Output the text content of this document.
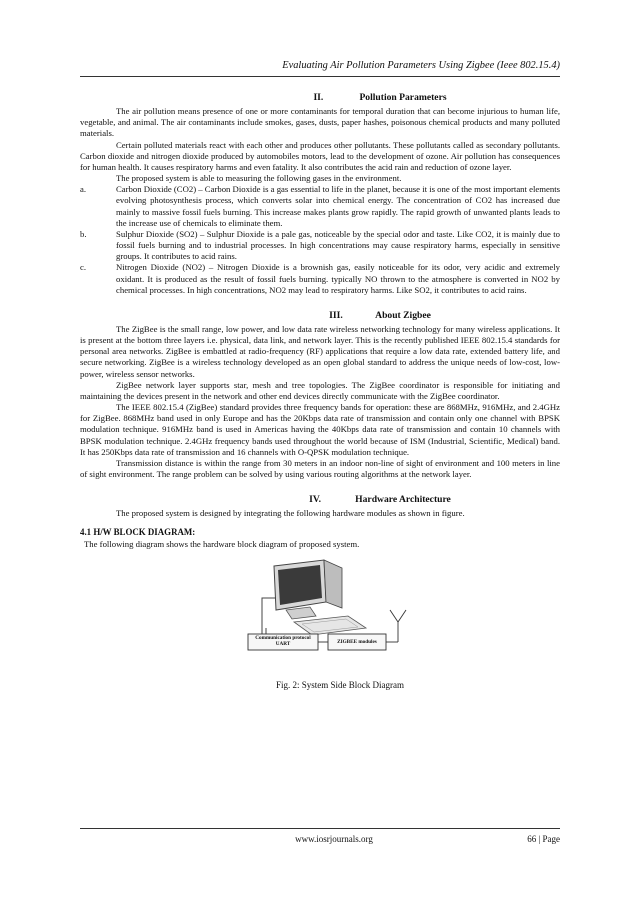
Evaluating Air Pollution Parameters Using Zigbee (Ieee 802.15.4)
II.	Pollution Parameters

The air pollution means presence of one or more contaminants for temporal duration that can become injurious to human life, vegetable, and animal. The air contaminants include smokes, gases, dusts, paper hashes, poisonous chemical products and many polluted materials.

Certain polluted materials react with each other and produces other pollutants. These pollutants called as secondary pollutants. Carbon dioxide and nitrogen dioxide produced by automobiles motors, lead to the development of ozone. Air pollution has consequences for human health. It causes respiratory harms and even fatality. It also contributes the acid rain and reduction of ozone layer.

The proposed system is able to measuring the following gases in the environment.

a.	Carbon Dioxide (CO2) – Carbon Dioxide is a gas essential to life in the planet, because it is one of the most important elements evolving photosynthesis process, which converts solar into chemical energy. The concentration of CO2 has increased due mainly to massive fossil fuels burning. This increase makes plants grow rapidly. The rapid growth of unwanted plants leads to the increase use of chemicals to eliminate them.
b.	Sulphur Dioxide (SO2) – Sulphur Dioxide is a pale gas, noticeable by the special odor and taste. Like CO2, it is mainly due to fossil fuels burning and to industrial processes. In high concentrations may cause respiratory harms, especially in sensitive groups. It contributes to acid rains.
c.	Nitrogen Dioxide (NO2) – Nitrogen Dioxide is a brownish gas, easily noticeable for its odor, very acidic and extremely oxidant. It is produced as the result of fossil fuels burning. typically NO thrown to the atmosphere is converted in NO2 by chemical processes. In high concentrations, NO2 may lead to respiratory harms. Like SO2, it contributes to acid rains.
III.	About Zigbee

The ZigBee is the small range, low power, and low data rate wireless networking technology for many wireless applications. It is present at the bottom three layers i.e. physical, data link, and network layer. This is the recently published IEEE 802.15.4 standards for personal area networks. ZigBee is embattled at radio-frequency (RF) applications that require a low data rate, extended battery life, and secure networking. ZigBee is a wireless technology developed as an open global standard to address the unique needs of low-cost, low-power, wireless sensor networks.

ZigBee network layer supports star, mesh and tree topologies. The ZigBee coordinator is responsible for initiating and maintaining the devices present in the network and other end devices directly communicate with the ZigBee coordinator.

The IEEE 802.15.4 (ZigBee) standard provides three frequency bands for operation: these are 868MHz, 916MHz, and 2.4GHz for ZigBee. 868MHz band used in only Europe and has the 20Kbps data rate of transmission and contain only one channel with BPSK modulation technique. 916MHz band is used in Americas having the 40Kbps data rate of transmission and contain 10 channels with BPSK modulation technique. 2.4GHz frequency bands used throughout the world because of ISM (Industrial, Scientific, Medical) band. It has 250Kbps data rate of transmission and 16 channels with O-QPSK modulation technique.

Transmission distance is within the range from 30 meters in an indoor non-line of sight of environment and 100 meters in line of sight environment. The range problem can be solved by using various routing algorithms at the network layer.

IV.	Hardware Architecture

The proposed system is designed by integrating the following hardware modules as shown in figure.

4.1 H/W BLOCK DIAGRAM:

The following diagram shows the hardware block diagram of proposed system.

Communication protocol
UART	ZIGBEE modules
Fig. 2: System Side Block Diagram
www.iosrjournals.org	66 | Page
